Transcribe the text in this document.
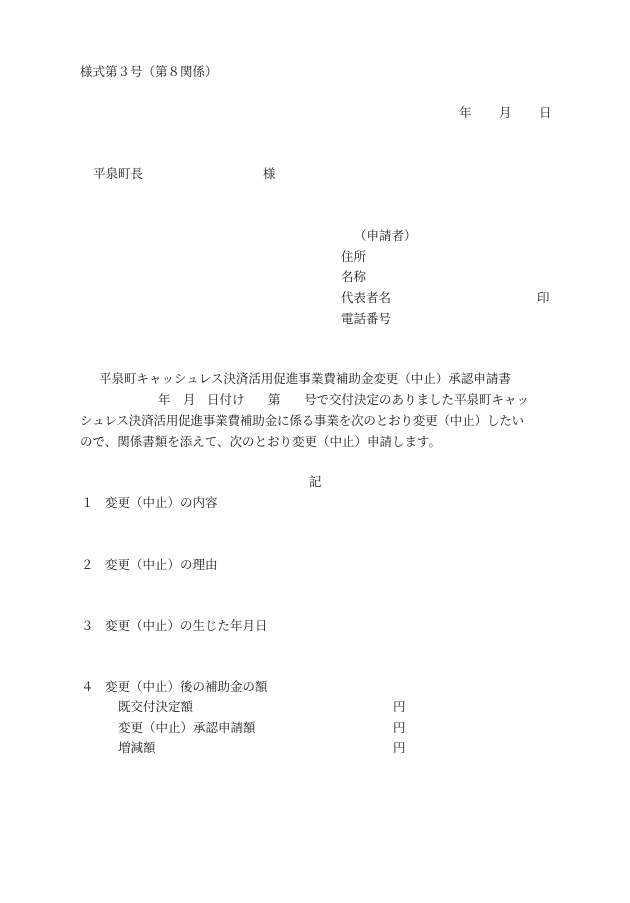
様式第３号（第８関係）
年 月 日
平泉町長	様
（申請者）
住所
名称
代表者名	印
電話番号
平泉町キャッシュレス決済活用促進事業費補助金変更（中止）承認申請書
年 月 日付け 第 号で交付決定のありました平泉町キャッ
シュレス決済活用促進事業費補助金に係る事業を次のとおり変更（中止）したい
ので、関係書類を添えて、次のとおり変更（中止）申請します。
記
１ 変更（中止）の内容
２ 変更（中止）の理由
３ 変更（中止）の生じた年月日
４ 変更（中止）後の補助金の額
既交付決定額	円
変更（中止）承認申請額	円
増減額	円
